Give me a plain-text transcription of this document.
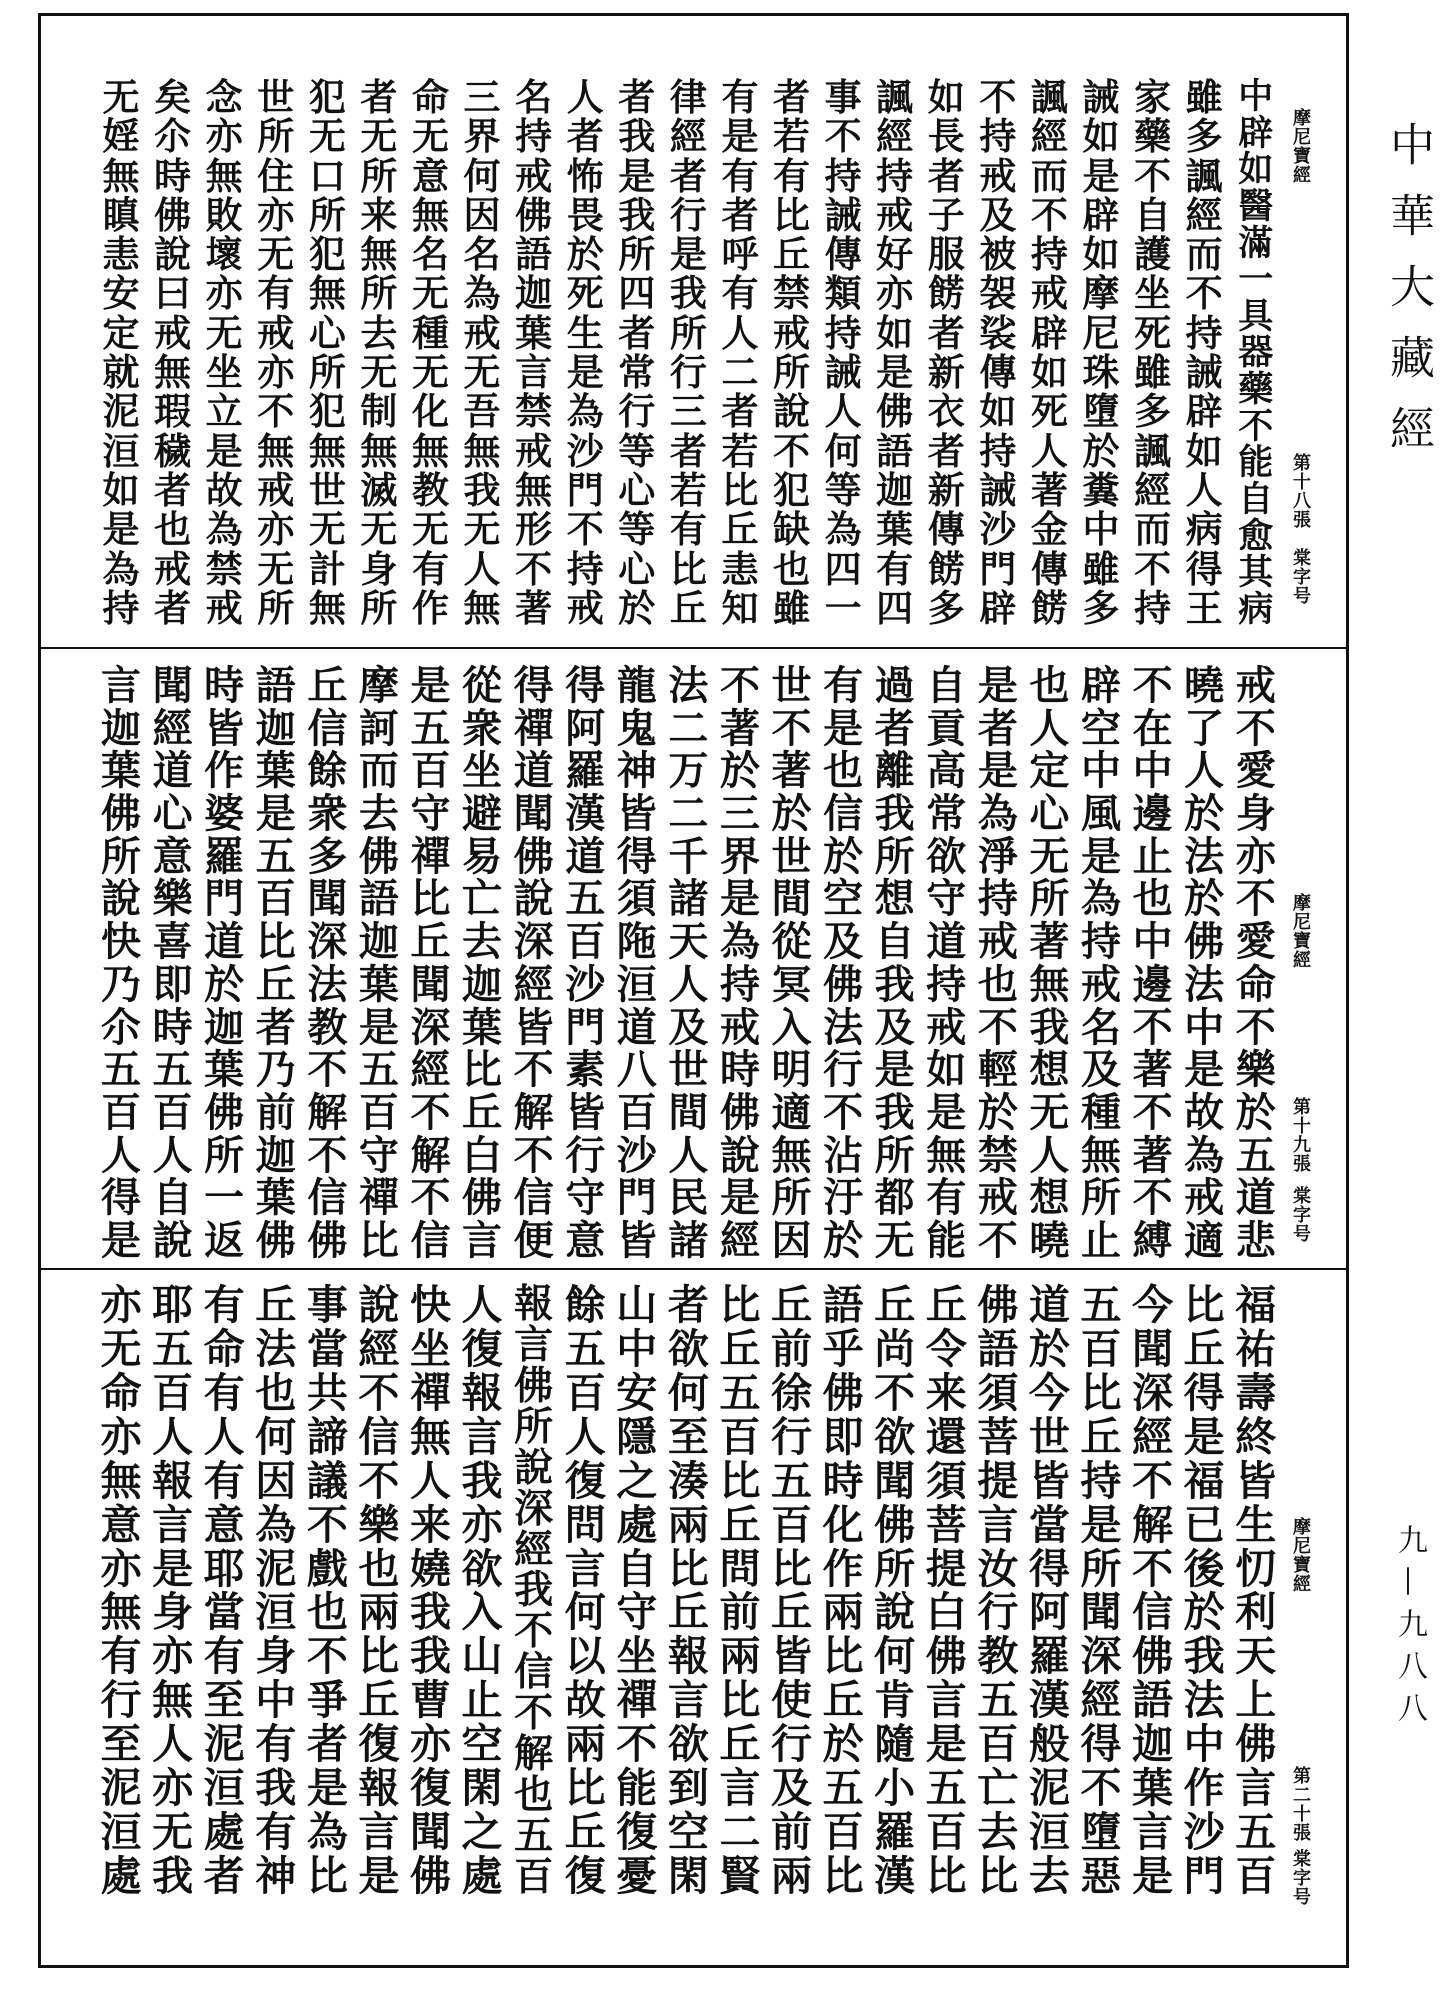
中
辟
如
醫
滿
一
具
器
藥
不
能
自
愈
其
病
雖
多
諷
經
而
不
持
誡
辟
如
人
病
得
王
家
藥
不
自
護
坐
死
雖
多
諷
經
而
不
持
誡
如
是
辟
如
摩
尼
珠
墮
於
糞
中
雖
多
諷
經
而
不
持
戒
辟
如
死
人
著
金
傳
餝
不
持
戒
及
被
袈
裟
傳
如
持
誡
沙
門
辟
如
長
者
子
服
餝
者
新
衣
者
新
傳
餝
多
諷
經
持
戒
好
亦
如
是
佛
語
迦
葉
有
四
事
不
持
誡
傳
類
持
誡
人
何
等
為
四
一
者
若
有
比
丘
禁
戒
所
說
不
犯
缺
也
雖
有
是
有
者
呼
有
人
二
者
若
比
丘
恚
知
律
經
者
行
是
我
所
行
三
者
若
有
比
丘
者
我
是
我
所
四
者
常
行
等
心
等
心
於
人
者
怖
畏
於
死
生
是
為
沙
門
不
持
戒
名
持
戒
佛
語
迦
葉
言
禁
戒
無
形
不
著
三
界
何
因
名
為
戒
无
吾
無
我
无
人
無
命
无
意
無
名
无
種
无
化
無
教
无
有
作
者
无
所
来
無
所
去
无
制
無
滅
无
身
所
犯
无
口
所
犯
無
心
所
犯
無
世
无
計
無
世
所
住
亦
无
有
戒
亦
不
無
戒
亦
无
所
念
亦
無
敗
壞
亦
无
坐
立
是
故
為
禁
戒
矣
尒
時
佛
說
曰
戒
無
瑕
穢
者
也
戒
者
无
婬
無
瞋
恚
安
定
就
泥
洹
如
是
為
持
摩尼寶經
第十八張
棠字号
戒
不
愛
身
亦
不
愛
命
不
樂
於
五
道
悲
曉
了
人
於
法
於
佛
法
中
是
故
為
戒
適
不
在
中
邊
止
也
中
邊
不
著
不
著
不
縛
辟
空
中
風
是
為
持
戒
名
及
種
無
所
止
也
人
定
心
无
所
著
無
我
想
无
人
想
曉
是
者
是
為
淨
持
戒
也
不
輕
於
禁
戒
不
自
貢
高
常
欲
守
道
持
戒
如
是
無
有
能
過
者
離
我
所
想
自
我
及
是
我
所
都
无
有
是
也
信
於
空
及
佛
法
行
不
沾
汙
於
世
不
著
於
世
間
從
冥
入
明
適
無
所
因
不
著
於
三
界
是
為
持
戒
時
佛
說
是
經
法
二
万
二
千
諸
天
人
及
世
間
人
民
諸
龍
鬼
神
皆
得
須
陁
洹
道
八
百
沙
門
皆
得
阿
羅
漢
道
五
百
沙
門
素
皆
行
守
意
得
禪
道
聞
佛
說
深
經
皆
不
解
不
信
便
從
衆
坐
避
易
亡
去
迦
葉
比
丘
白
佛
言
是
五
百
守
禪
比
丘
聞
深
經
不
解
不
信
摩
訶
而
去
佛
語
迦
葉
是
五
百
守
禪
比
丘
信
餘
衆
多
聞
深
法
教
不
解
不
信
佛
語
迦
葉
是
五
百
比
丘
者
乃
前
迦
葉
佛
時
皆
作
婆
羅
門
道
於
迦
葉
佛
所
一
返
聞
經
道
心
意
樂
喜
即
時
五
百
人
自
說
言
迦
葉
佛
所
說
快
乃
尒
五
百
人
得
是
摩尼寶經
第十九張
棠字号
福
祐
壽
終
皆
生
忉
利
天
上
佛
言
五
百
比
丘
得
是
福
已
後
於
我
法
中
作
沙
門
今
聞
深
經
不
解
不
信
佛
語
迦
葉
言
是
五
百
比
丘
持
是
所
聞
深
經
得
不
墮
惡
道
於
今
世
皆
當
得
阿
羅
漢
般
泥
洹
去
佛
語
須
菩
提
言
汝
行
教
五
百
亡
去
比
丘
令
来
還
須
菩
提
白
佛
言
是
五
百
比
丘
尚
不
欲
聞
佛
所
說
何
肯
隨
小
羅
漢
語
乎
佛
即
時
化
作
兩
比
丘
於
五
百
比
丘
前
徐
行
五
百
比
丘
皆
使
行
及
前
兩
比
丘
五
百
比
丘
問
前
兩
比
丘
言
二
賢
者
欲
何
至
湊
兩
比
丘
報
言
欲
到
空
閑
山
中
安
隱
之
處
自
守
坐
禪
不
能
復
憂
餘
五
百
人
復
問
言
何
以
故
兩
比
丘
復
報
言
佛
所
說
深
經
我
不
信
不
解
也
五
百
人
復
報
言
我
亦
欲
入
山
止
空
閑
之
處
快
坐
禪
無
人
来
嬈
我
我
曹
亦
復
聞
佛
說
經
不
信
不
樂
也
兩
比
丘
復
報
言
是
事
當
共
諦
議
不
戲
也
不
爭
者
是
為
比
丘
法
也
何
因
為
泥
洹
身
中
有
我
有
神
有
命
有
人
有
意
耶
當
有
至
泥
洹
處
者
耶
五
百
人
報
言
是
身
亦
無
人
亦
无
我
亦
无
命
亦
無
意
亦
無
有
行
至
泥
洹
處
摩尼寶經
第二十張
棠字号
中華大藏經
九—九八八
